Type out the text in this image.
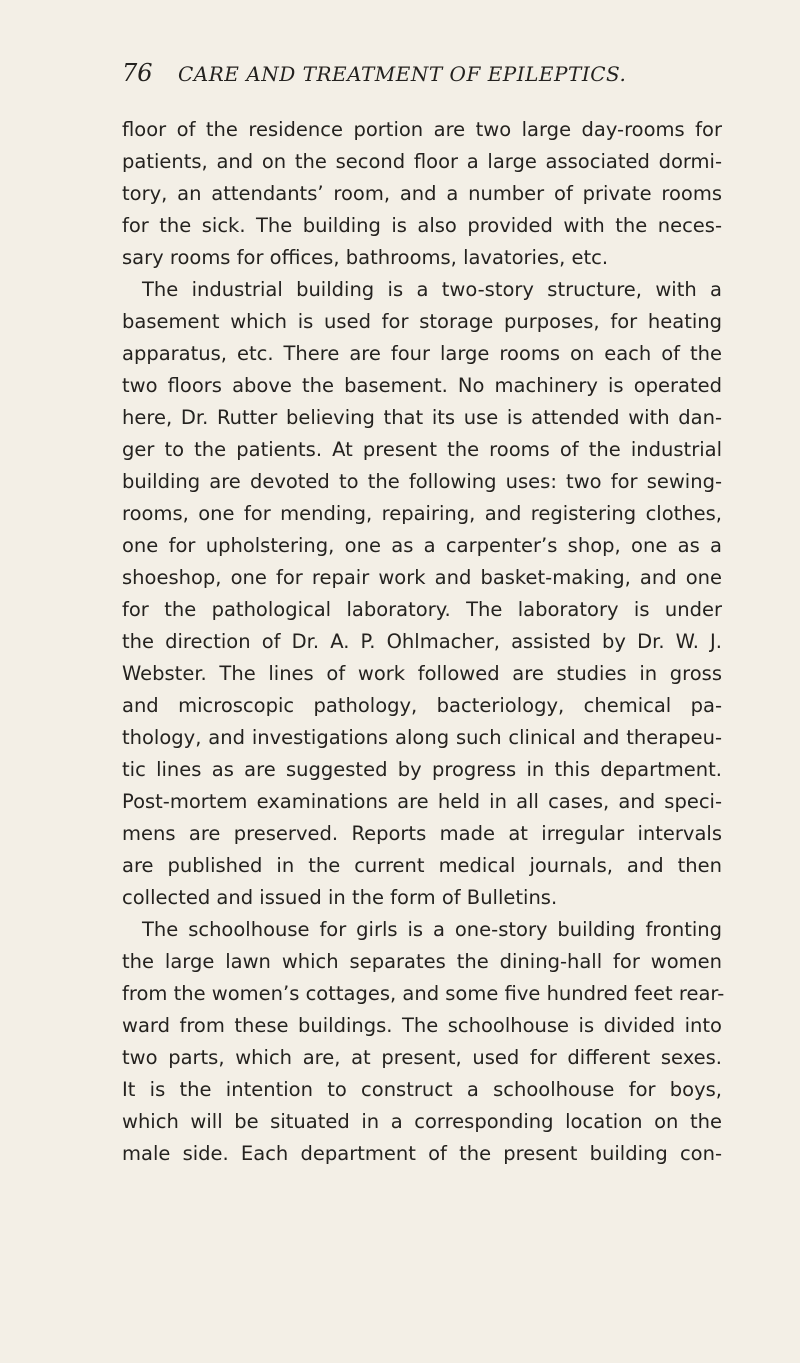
76 CARE AND TREATMENT OF EPILEPTICS.
floor of the residence portion are two large day-rooms for
patients, and on the second floor a large associated dormi-
tory, an attendants’ room, and a number of private rooms
for the sick. The building is also provided with the neces-
sary rooms for offices, bathrooms, lavatories, etc.
The industrial building is a two-story structure, with a
basement which is used for storage purposes, for heating
apparatus, etc. There are four large rooms on each of the
two floors above the basement. No machinery is operated
here, Dr. Rutter believing that its use is attended with dan-
ger to the patients. At present the rooms of the industrial
building are devoted to the following uses: two for sewing-
rooms, one for mending, repairing, and registering clothes,
one for upholstering, one as a carpenter’s shop, one as a
shoeshop, one for repair work and basket-making, and one
for the pathological laboratory. The laboratory is under
the direction of Dr. A. P. Ohlmacher, assisted by Dr. W. J.
Webster. The lines of work followed are studies in gross
and microscopic pathology, bacteriology, chemical pa-
thology, and investigations along such clinical and therapeu-
tic lines as are suggested by progress in this department.
Post-mortem examinations are held in all cases, and speci-
mens are preserved. Reports made at irregular intervals
are published in the current medical journals, and then
collected and issued in the form of Bulletins.
The schoolhouse for girls is a one-story building fronting
the large lawn which separates the dining-hall for women
from the women’s cottages, and some five hundred feet rear-
ward from these buildings. The schoolhouse is divided into
two parts, which are, at present, used for different sexes.
It is the intention to construct a schoolhouse for boys,
which will be situated in a corresponding location on the
male side. Each department of the present building con-
